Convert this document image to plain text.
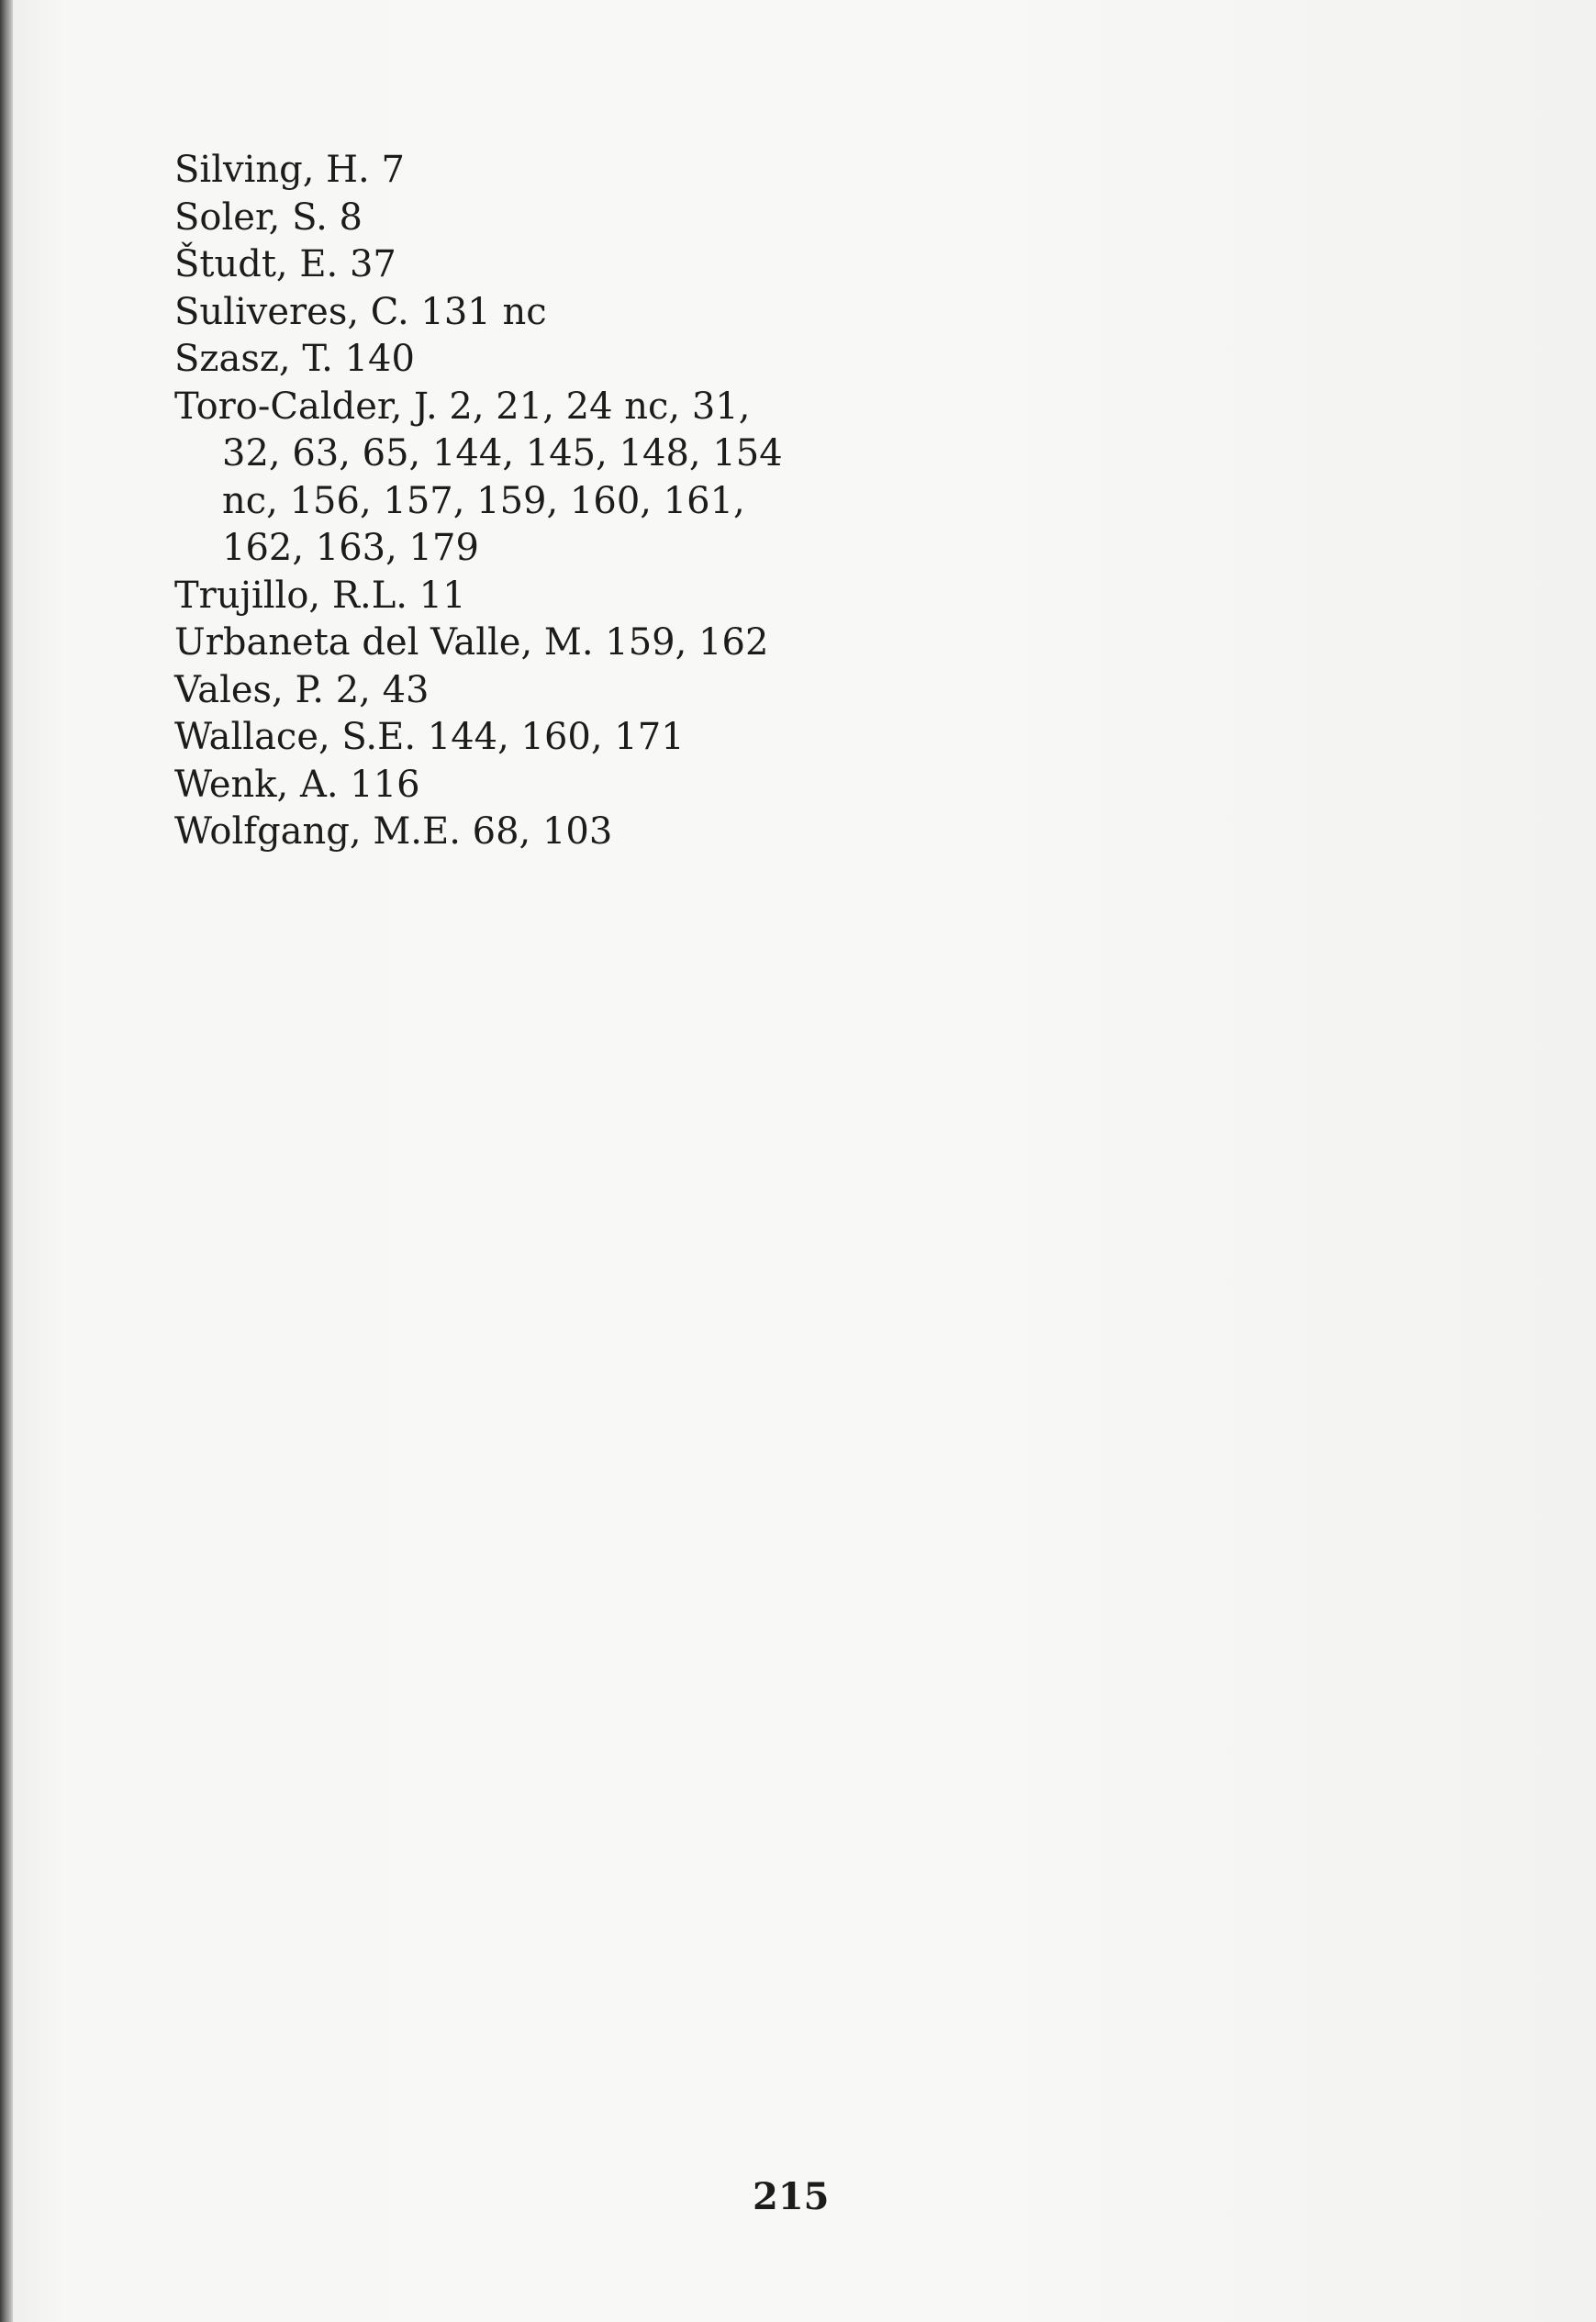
Silving, H. 7
Soler, S. 8
Študt, E. 37
Suliveres, C. 131 nc
Szasz, T. 140
Toro-Calder, J. 2, 21, 24 nc, 31,
32, 63, 65, 144, 145, 148, 154
nc, 156, 157, 159, 160, 161,
162, 163, 179
Trujillo, R.L. 11
Urbaneta del Valle, M. 159, 162
Vales, P. 2, 43
Wallace, S.E. 144, 160, 171
Wenk, A. 116
Wolfgang, M.E. 68, 103
215
